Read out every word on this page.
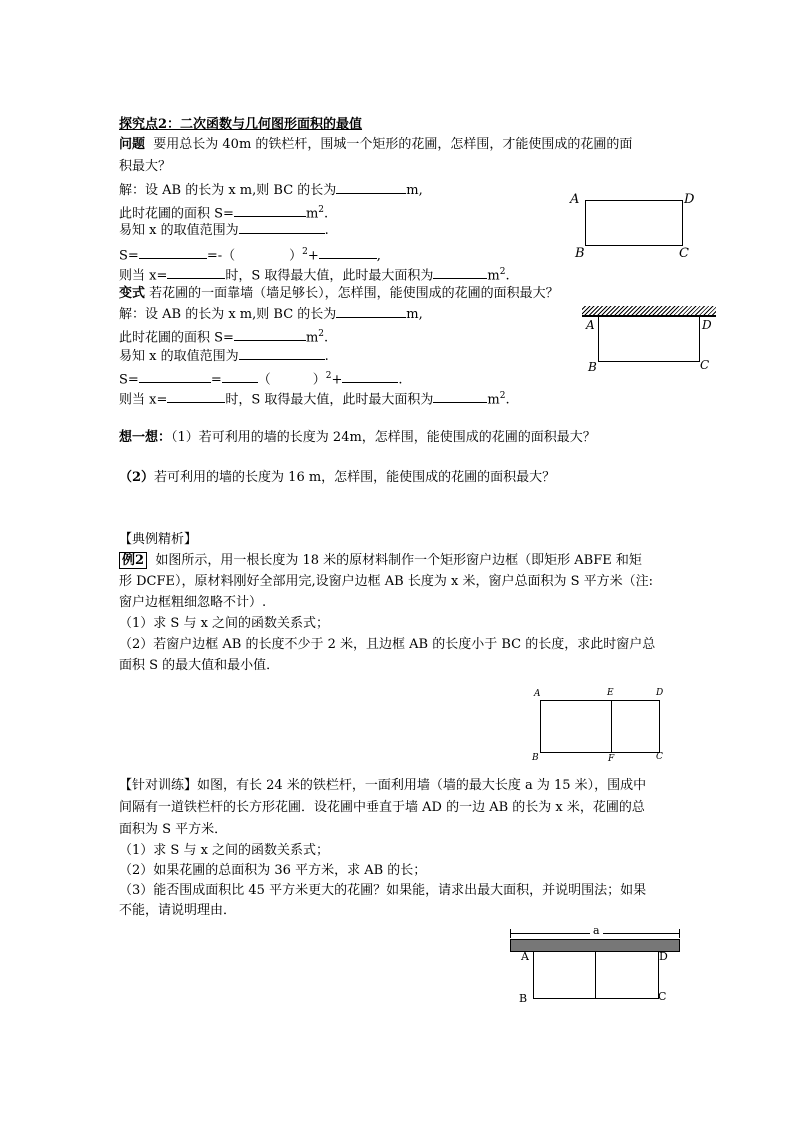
探究点2：二次函数与几何图形面积的最值
问题 要用总长为 40m 的铁栏杆，围城一个矩形的花圃，怎样围，才能使围成的花圃的面
积最大？
解：设 AB 的长为 x m,则 BC 的长为	m,
此时花圃的面积 S=	$m^2$.
易知 x 的取值范围为	.
S=	=-（	）$^2$+	,
则当 x=	时，S 取得最大值，此时最大面积为	$m^2$.
变式 若花圃的一面靠墙（墙足够长），怎样围，能使围成的花圃的面积最大？
解：设 AB 的长为 x m,则 BC 的长为	m,
此时花圃的面积 S=	$m^2$.
易知 x 的取值范围为	.
S=	=	（	）$^2$+	.
则当 x=	时，S 取得最大值，此时最大面积为	$m^2$.
想一想：（1）若可利用的墙的长度为 24m，怎样围，能使围成的花圃的面积最大？
（2）若可利用的墙的长度为 16 m，怎样围，能使围成的花圃的面积最大？
A	D
B	C
A	D
B	C
【典例精析】
例2 如图所示，用一根长度为 18 米的原材料制作一个矩形窗户边框（即矩形 ABFE 和矩
形 DCFE），原材料刚好全部用完,设窗户边框 AB 长度为 x 米，窗户总面积为 S 平方米（注:
窗户边框粗细忽略不计）.
（1）求 S 与 x 之间的函数关系式；
（2）若窗户边框 AB 的长度不少于 2 米，且边框 AB 的长度小于 BC 的长度，求此时窗户总
面积 S 的最大值和最小值．
A	E	D
B	F	C
【针对训练】如图，有长 24 米的铁栏杆，一面利用墙（墙的最大长度 a 为 15 米），围成中
间隔有一道铁栏杆的长方形花圃．设花圃中垂直于墙 AD 的一边 AB 的长为 x 米，花圃的总
面积为 S 平方米．
（1）求 S 与 x 之间的函数关系式；
（2）如果花圃的总面积为 36 平方米，求 AB 的长；
（3）能否围成面积比 45 平方米更大的花圃？如果能，请求出最大面积，并说明围法；如果
不能，请说明理由．
a
A	D
B	C
